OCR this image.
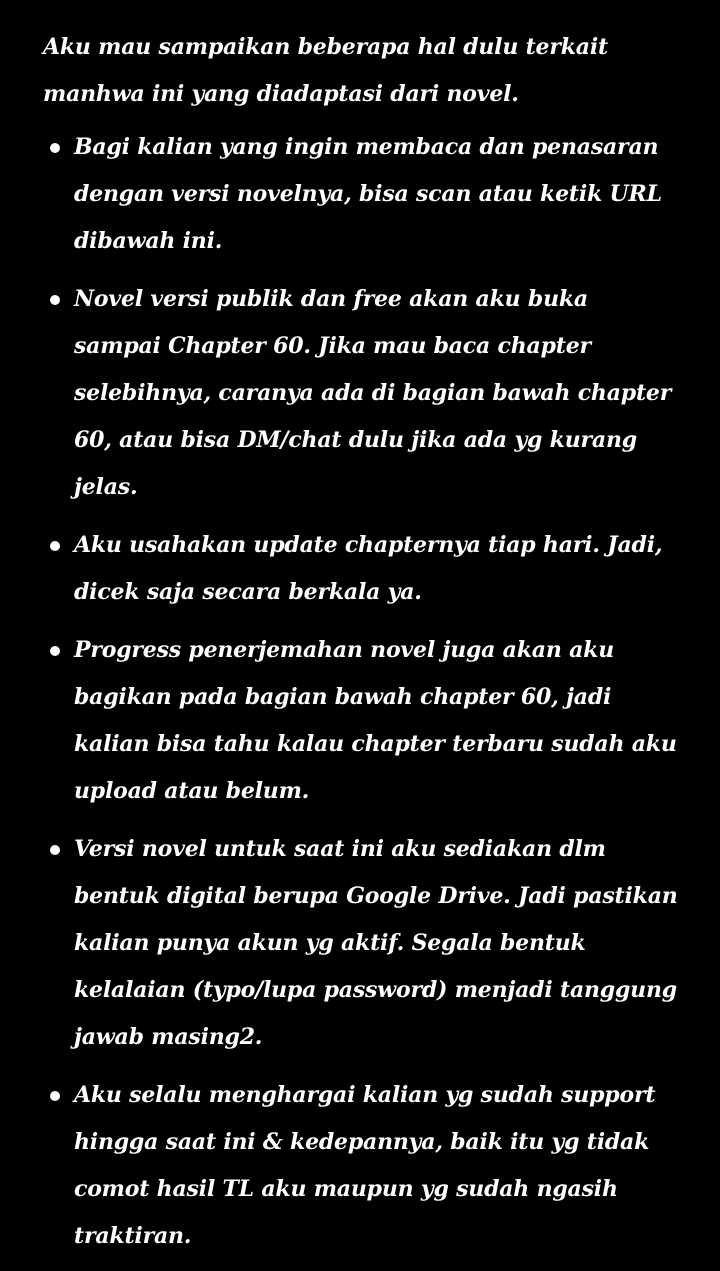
Aku mau sampaikan beberapa hal dulu terkait manhwa ini yang diadaptasi dari novel.

Bagi kalian yang ingin membaca dan penasaran dengan versi novelnya, bisa scan atau ketik URL dibawah ini.
Novel versi publik dan free akan aku buka sampai Chapter 60. Jika mau baca chapter selebihnya, caranya ada di bagian bawah chapter 60, atau bisa DM/chat dulu jika ada yg kurang jelas.
Aku usahakan update chapternya tiap hari. Jadi, dicek saja secara berkala ya.
Progress penerjemahan novel juga akan aku bagikan pada bagian bawah chapter 60, jadi kalian bisa tahu kalau chapter terbaru sudah aku upload atau belum.
Versi novel untuk saat ini aku sediakan dlm bentuk digital berupa Google Drive. Jadi pastikan kalian punya akun yg aktif. Segala bentuk kelalaian (typo/lupa password) menjadi tanggung jawab masing2.
Aku selalu menghargai kalian yg sudah support hingga saat ini & kedepannya, baik itu yg tidak comot hasil TL aku maupun yg sudah ngasih traktiran.
